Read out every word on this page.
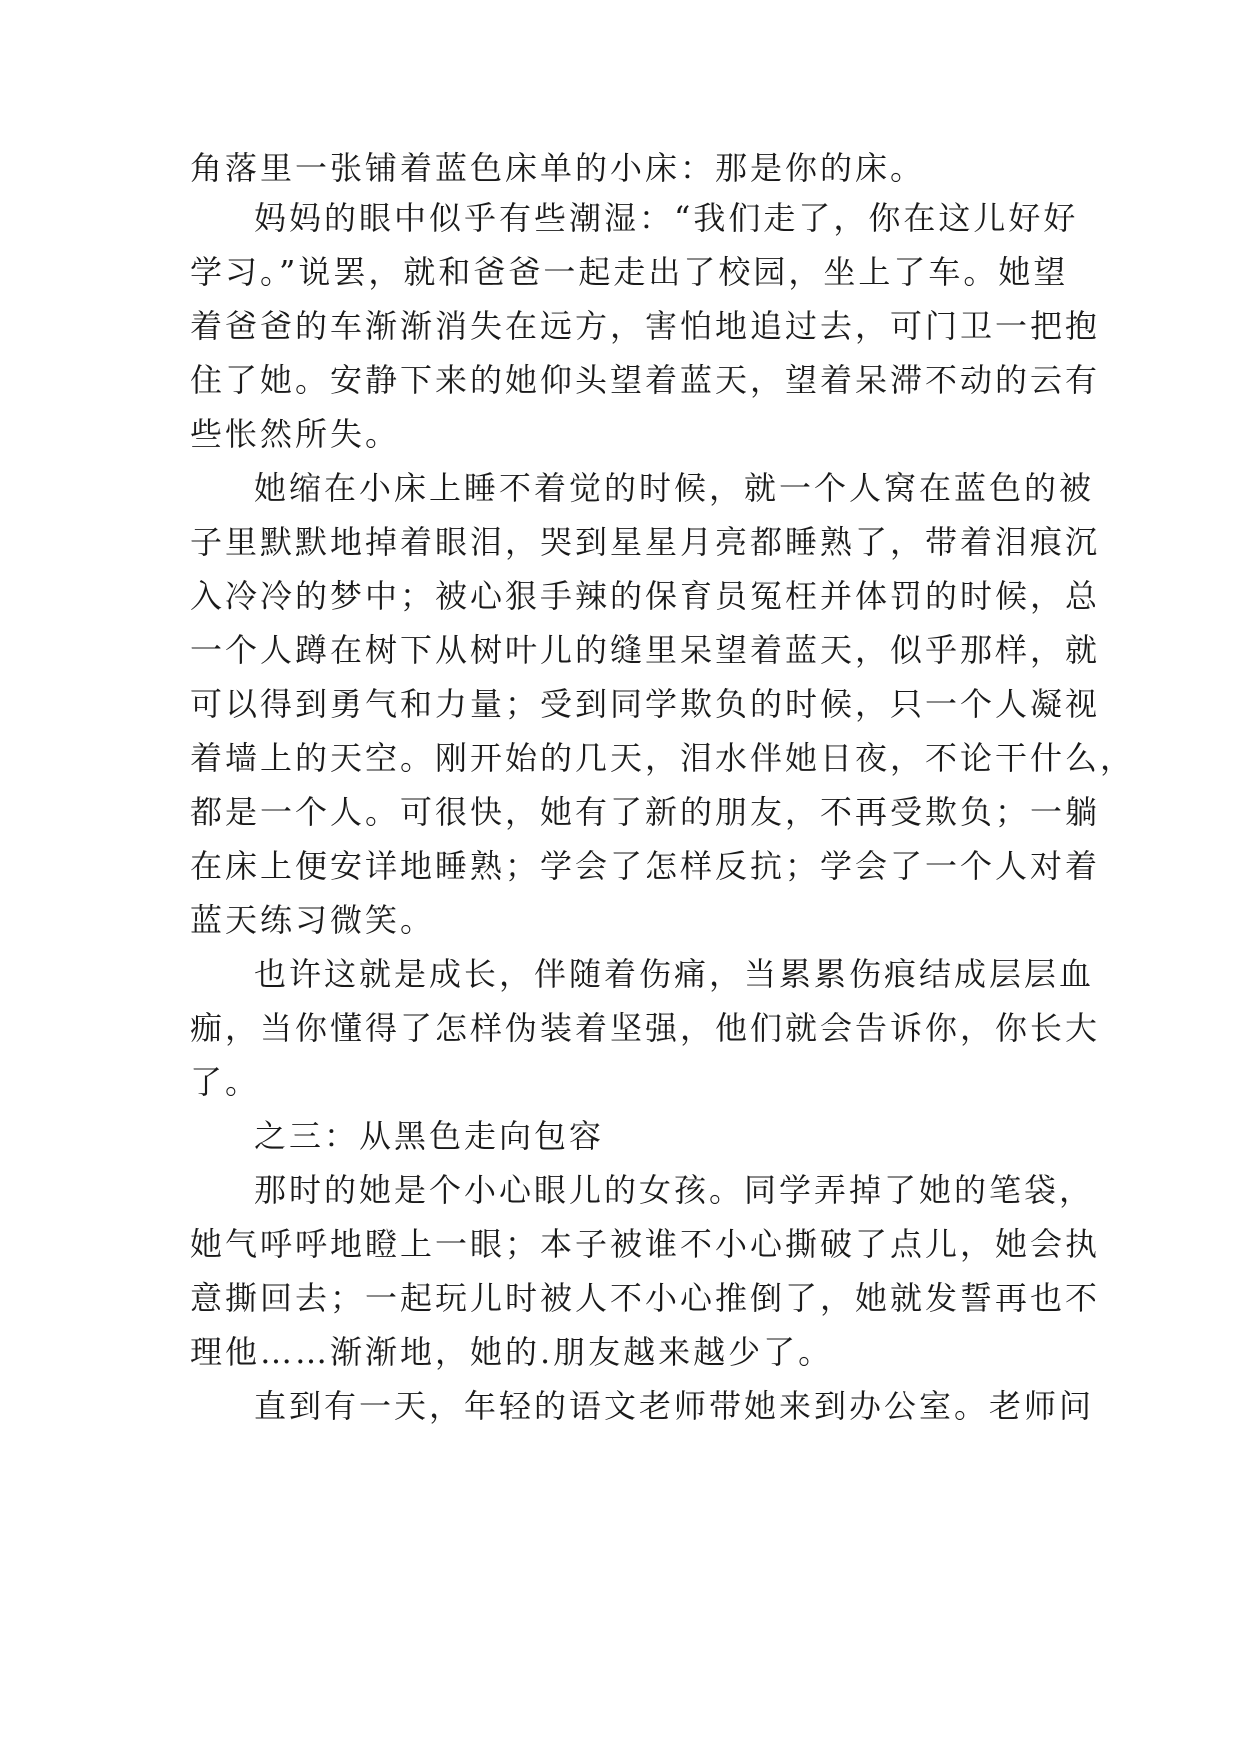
角落里一张铺着蓝色床单的小床：那是你的床。
妈妈的眼中似乎有些潮湿：“我们走了，你在这儿好好
学习。”说罢，就和爸爸一起走出了校园，坐上了车。她望
着爸爸的车渐渐消失在远方，害怕地追过去，可门卫一把抱
住了她。安静下来的她仰头望着蓝天，望着呆滞不动的云有
些怅然所失。
她缩在小床上睡不着觉的时候，就一个人窝在蓝色的被
子里默默地掉着眼泪，哭到星星月亮都睡熟了，带着泪痕沉
入冷冷的梦中；被心狠手辣的保育员冤枉并体罚的时候，总
一个人蹲在树下从树叶儿的缝里呆望着蓝天，似乎那样，就
可以得到勇气和力量；受到同学欺负的时候，只一个人凝视
着墙上的天空。刚开始的几天，泪水伴她日夜，不论干什么，
都是一个人。可很快，她有了新的朋友，不再受欺负；一躺
在床上便安详地睡熟；学会了怎样反抗；学会了一个人对着
蓝天练习微笑。
也许这就是成长，伴随着伤痛，当累累伤痕结成层层血
痂，当你懂得了怎样伪装着坚强，他们就会告诉你，你长大
了。
之三：从黑色走向包容
那时的她是个小心眼儿的女孩。同学弄掉了她的笔袋，
她气呼呼地瞪上一眼；本子被谁不小心撕破了点儿，她会执
意撕回去；一起玩儿时被人不小心推倒了，她就发誓再也不
理他……渐渐地，她的.朋友越来越少了。
直到有一天，年轻的语文老师带她来到办公室。老师问
